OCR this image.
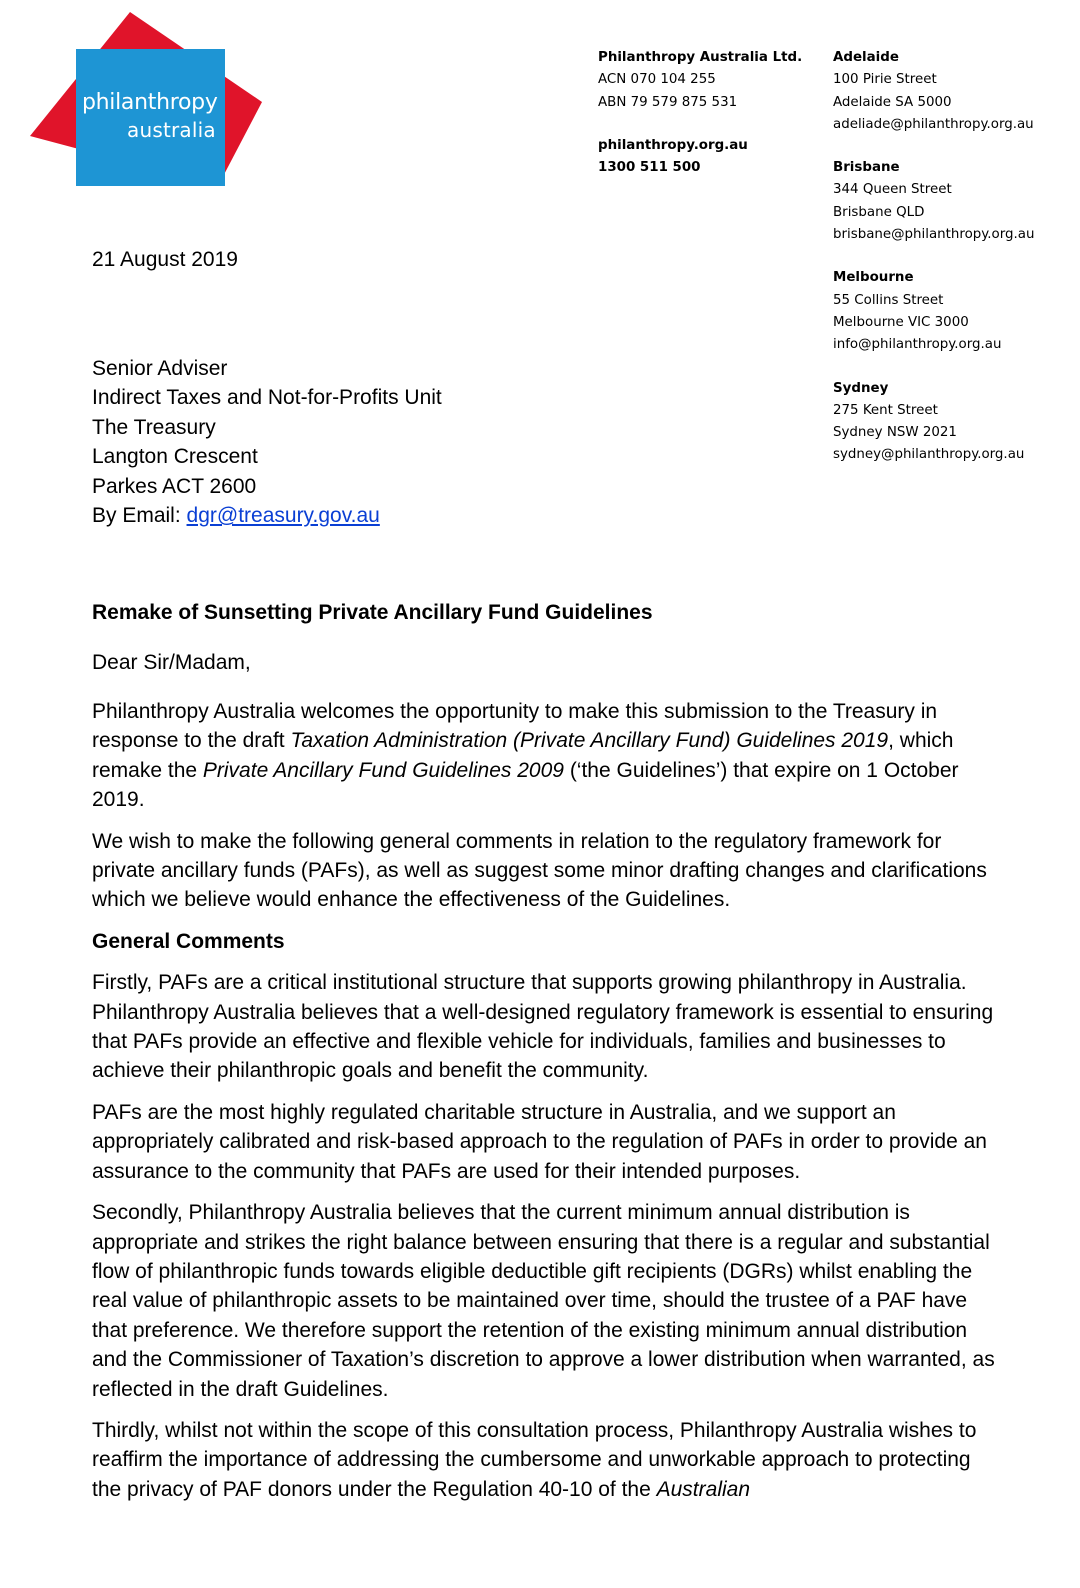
philanthropy
australia
Philanthropy Australia Ltd.
ACN 070 104 255
ABN 79 579 875 531
philanthropy.org.au
1300 511 500
Adelaide
100 Pirie Street
Adelaide SA 5000
adeliade@philanthropy.org.au
Brisbane
344 Queen Street
Brisbane QLD
brisbane@philanthropy.org.au
Melbourne
55 Collins Street
Melbourne VIC 3000
info@philanthropy.org.au
Sydney
275 Kent Street
Sydney NSW 2021
sydney@philanthropy.org.au
21 August 2019
Senior Adviser
Indirect Taxes and Not-for-Profits Unit
The Treasury
Langton Crescent
Parkes ACT 2600
By Email: dgr@treasury.gov.au
Remake of Sunsetting Private Ancillary Fund Guidelines
Dear Sir/Madam,

Philanthropy Australia welcomes the opportunity to make this submission to the Treasury in response to the draft Taxation Administration (Private Ancillary Fund) Guidelines 2019, which remake the Private Ancillary Fund Guidelines 2009 (‘the Guidelines’) that expire on 1 October 2019.

We wish to make the following general comments in relation to the regulatory framework for private ancillary funds (PAFs), as well as suggest some minor drafting changes and clarifications which we believe would enhance the effectiveness of the Guidelines.

General Comments

Firstly, PAFs are a critical institutional structure that supports growing philanthropy in Australia. Philanthropy Australia believes that a well-designed regulatory framework is essential to ensuring that PAFs provide an effective and flexible vehicle for individuals, families and businesses to achieve their philanthropic goals and benefit the community.

PAFs are the most highly regulated charitable structure in Australia, and we support an appropriately calibrated and risk-based approach to the regulation of PAFs in order to provide an assurance to the community that PAFs are used for their intended purposes.

Secondly, Philanthropy Australia believes that the current minimum annual distribution is appropriate and strikes the right balance between ensuring that there is a regular and substantial flow of philanthropic funds towards eligible deductible gift recipients (DGRs) whilst enabling the real value of philanthropic assets to be maintained over time, should the trustee of a PAF have that preference. We therefore support the retention of the existing minimum annual distribution and the Commissioner of Taxation’s discretion to approve a lower distribution when warranted, as reflected in the draft Guidelines.

Thirdly, whilst not within the scope of this consultation process, Philanthropy Australia wishes to reaffirm the importance of addressing the cumbersome and unworkable approach to protecting the privacy of PAF donors under the Regulation 40-10 of the Australian
